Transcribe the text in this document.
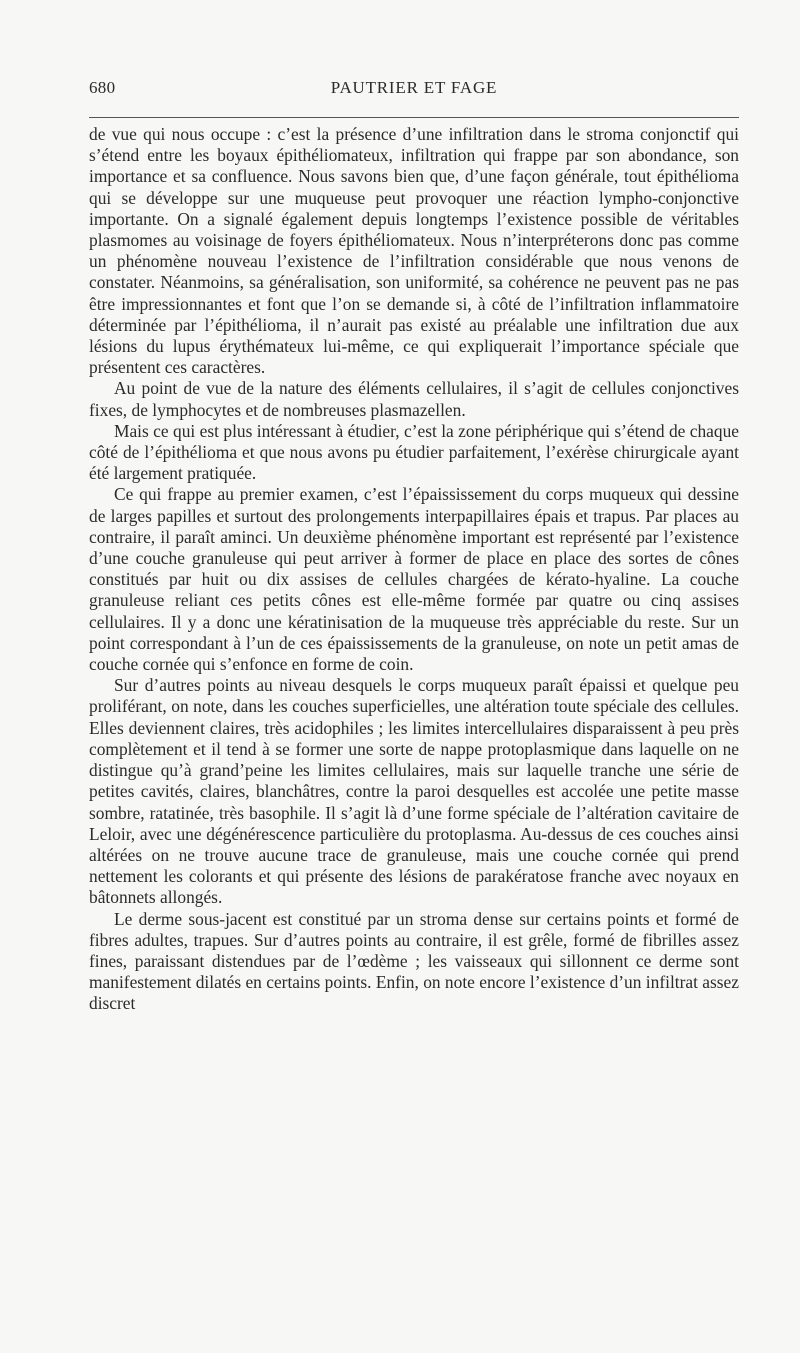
680	PAUTRIER ET FAGE

de vue qui nous occupe : c’est la présence d’une infiltration dans le stroma conjonctif qui s’étend entre les boyaux épithéliomateux, infiltration qui frappe par son abondance, son importance et sa confluence. Nous savons bien que, d’une façon générale, tout épithélioma qui se développe sur une muqueuse peut provoquer une réaction lympho-conjonctive importante. On a signalé également depuis longtemps l’existence possible de véritables plasmomes au voisinage de foyers épithéliomateux. Nous n’interpréterons donc pas comme un phénomène nouveau l’existence de l’infiltration considérable que nous venons de constater. Néanmoins, sa généralisation, son uniformité, sa cohérence ne peuvent pas ne pas être impressionnantes et font que l’on se demande si, à côté de l’infiltration inflammatoire déterminée par l’épithélioma, il n’aurait pas existé au préalable une infiltration due aux lésions du lupus érythémateux lui-même, ce qui expliquerait l’importance spéciale que présentent ces caractères.

Au point de vue de la nature des éléments cellulaires, il s’agit de cellules conjonctives fixes, de lymphocytes et de nombreuses plasmazellen.

Mais ce qui est plus intéressant à étudier, c’est la zone périphérique qui s’étend de chaque côté de l’épithélioma et que nous avons pu étudier parfaitement, l’exérèse chirurgicale ayant été largement pratiquée.

Ce qui frappe au premier examen, c’est l’épaississement du corps muqueux qui dessine de larges papilles et surtout des prolongements interpapillaires épais et trapus. Par places au contraire, il paraît aminci. Un deuxième phénomène important est représenté par l’existence d’une couche granuleuse qui peut arriver à former de place en place des sortes de cônes constitués par huit ou dix assises de cellules chargées de kérato-hyaline. La couche granuleuse reliant ces petits cônes est elle-même formée par quatre ou cinq assises cellulaires. Il y a donc une kératinisation de la muqueuse très appréciable du reste. Sur un point correspondant à l’un de ces épaississements de la granuleuse, on note un petit amas de couche cornée qui s’enfonce en forme de coin.

Sur d’autres points au niveau desquels le corps muqueux paraît épaissi et quelque peu proliférant, on note, dans les couches superficielles, une altération toute spéciale des cellules. Elles deviennent claires, très acidophiles ; les limites intercellulaires disparaissent à peu près complètement et il tend à se former une sorte de nappe protoplasmique dans laquelle on ne distingue qu’à grand’peine les limites cellulaires, mais sur laquelle tranche une série de petites cavités, claires, blanchâtres, contre la paroi desquelles est accolée une petite masse sombre, ratatinée, très basophile. Il s’agit là d’une forme spéciale de l’altération cavitaire de Leloir, avec une dégénérescence particulière du protoplasma. Au-dessus de ces couches ainsi altérées on ne trouve aucune trace de granuleuse, mais une couche cornée qui prend nettement les colorants et qui présente des lésions de parakératose franche avec noyaux en bâtonnets allongés.

Le derme sous-jacent est constitué par un stroma dense sur certains points et formé de fibres adultes, trapues. Sur d’autres points au contraire, il est grêle, formé de fibrilles assez fines, paraissant distendues par de l’œdème ; les vaisseaux qui sillonnent ce derme sont manifestement dilatés en certains points. Enfin, on note encore l’existence d’un infiltrat assez discret
